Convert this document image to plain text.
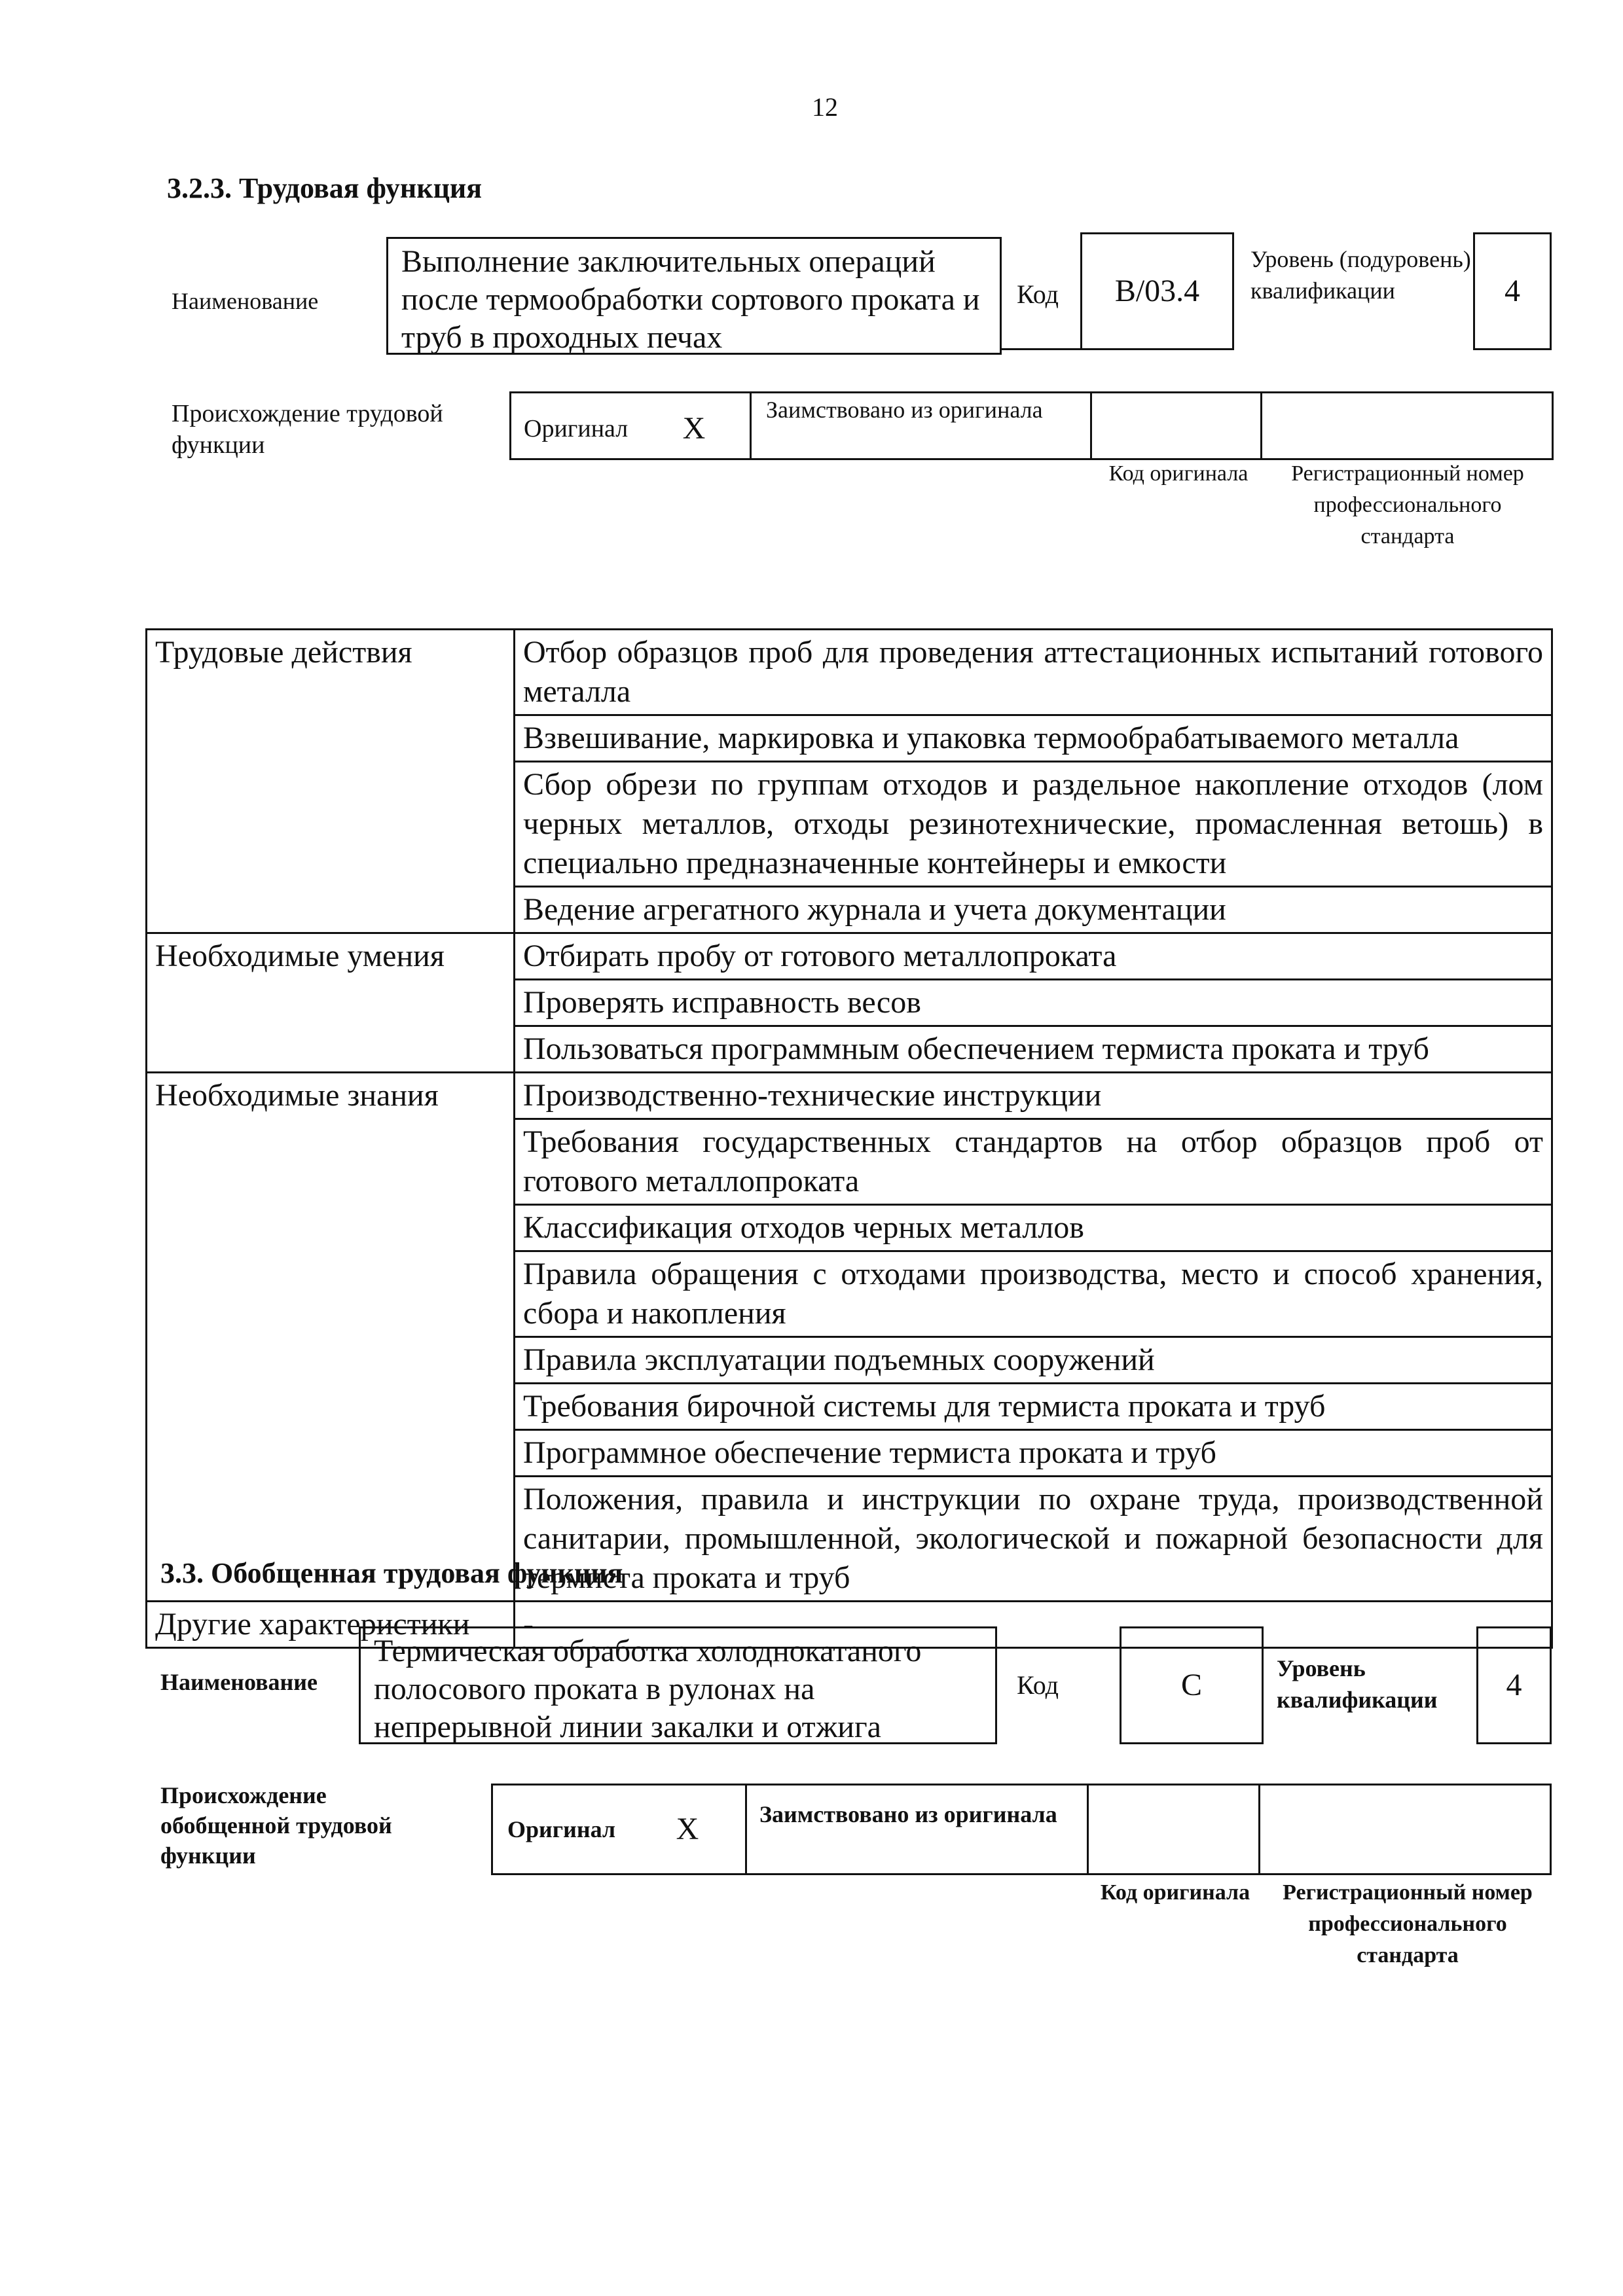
12
3.2.3. Трудовая функция
Наименование
Выполнение заключительных операций после термообработки сортового проката и труб в проходных печах
Код	B/03.4
Уровень (подуровень) квалификации	4
Происхождение трудовой функции
Оригинал X
Заимствовано из оригинала
Код оригинала	Регистрационный номер профессионального стандарта
Трудовые действия	Отбор образцов проб для проведения аттестационных испытаний готового металла
	Взвешивание, маркировка и упаковка термообрабатываемого металла
	Сбор обрези по группам отходов и раздельное накопление отходов (лом черных металлов, отходы резинотехнические, промасленная ветошь) в специально предназначенные контейнеры и емкости
	Ведение агрегатного журнала и учета документации
Необходимые умения	Отбирать пробу от готового металлопроката
	Проверять исправность весов
	Пользоваться программным обеспечением термиста проката и труб
Необходимые знания	Производственно-технические инструкции
	Требования государственных стандартов на отбор образцов проб от готового металлопроката
	Классификация отходов черных металлов
	Правила обращения с отходами производства, место и способ хранения, сбора и накопления
	Правила эксплуатации подъемных сооружений
	Требования бирочной системы для термиста проката и труб
	Программное обеспечение термиста проката и труб
	Положения, правила и инструкции по охране труда, производственной санитарии, промышленной, экологической и пожарной безопасности для термиста проката и труб
Другие характеристики	-
3.3. Обобщенная трудовая функция
Наименование
Термическая обработка холоднокатаного полосового проката в рулонах на непрерывной линии закалки и отжига
Код	C	Уровень квалификации	4
Происхождение обобщенной трудовой функции
Оригинал X	Заимствовано из оригинала
Код оригинала	Регистрационный номер профессионального стандарта
